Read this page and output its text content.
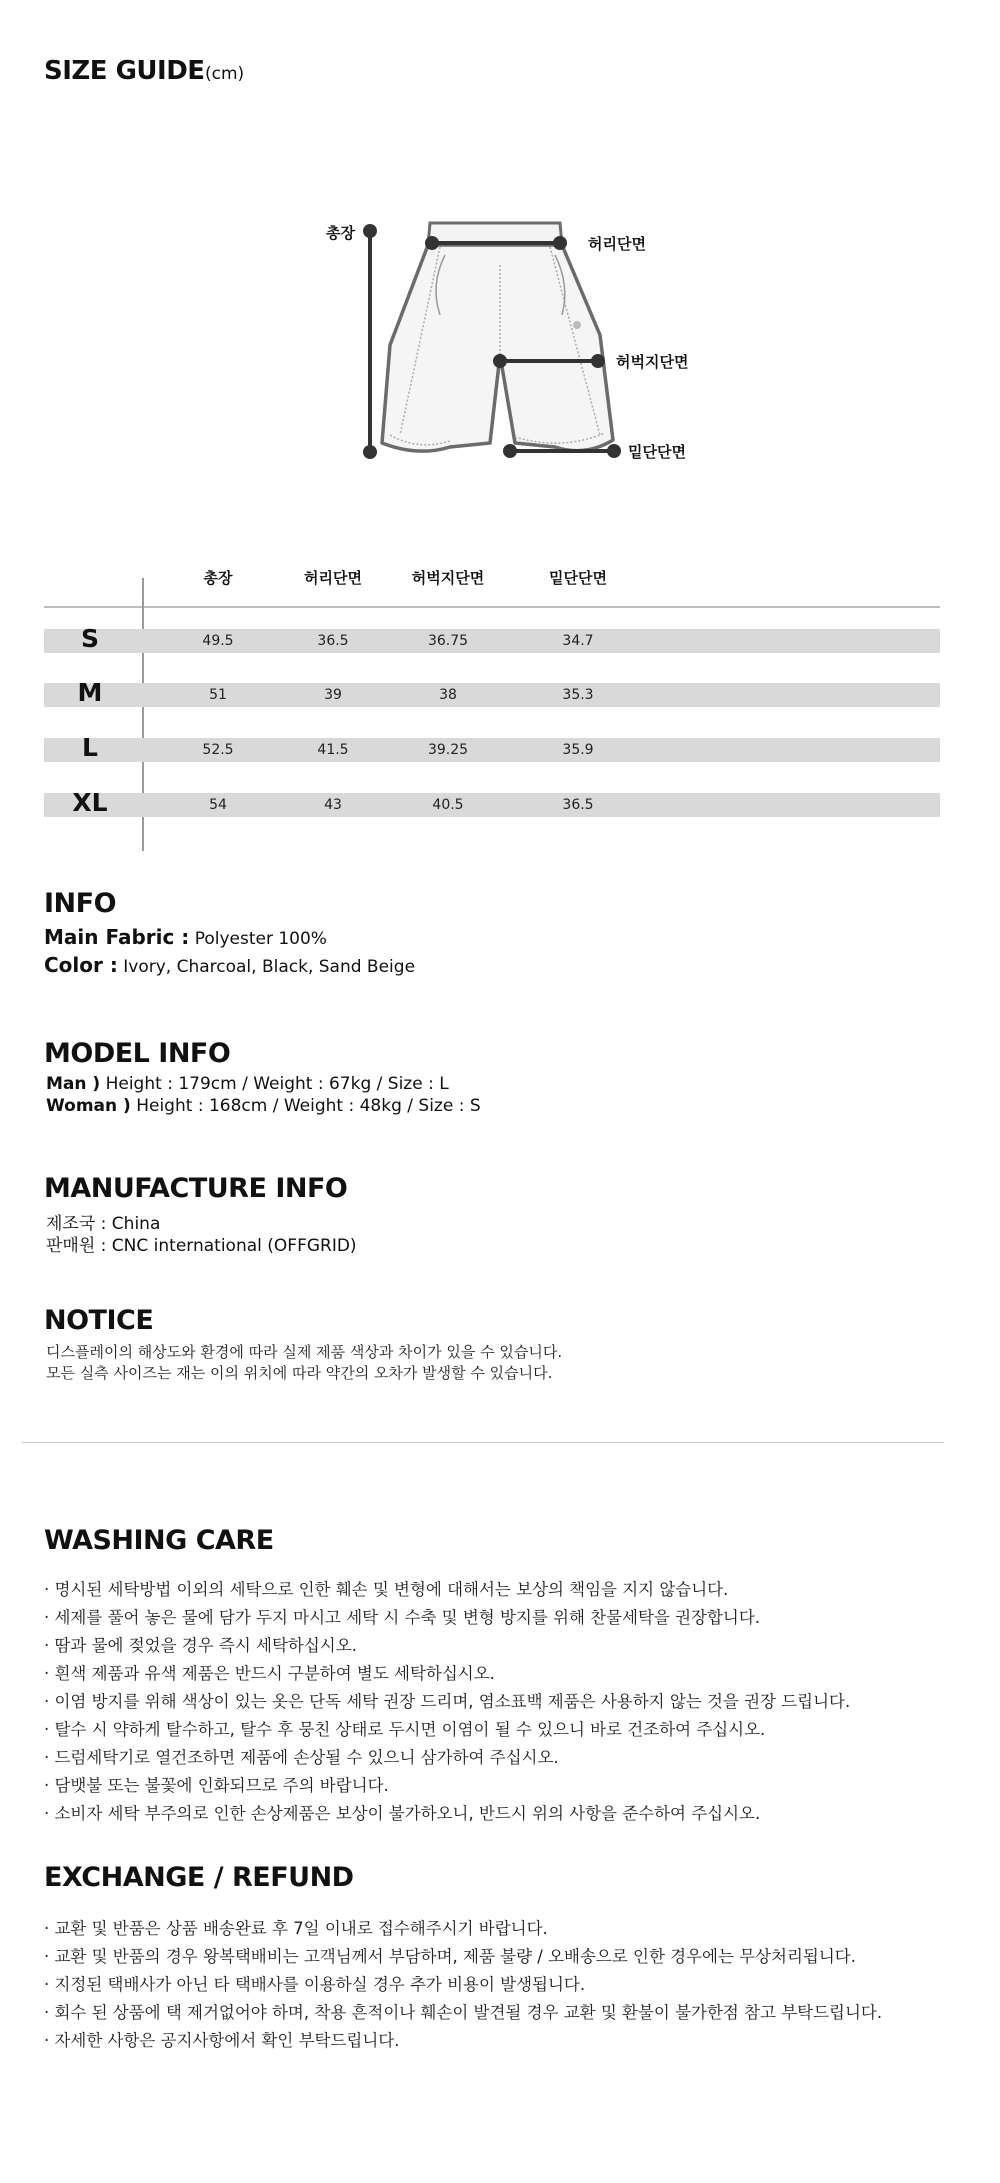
SIZE GUIDE (cm)
총장
허리단면
허벅지단면
밑단단면
총장	허리단면	허벅지단면	밑단단면
S	49.5	36.5	36.75	34.7
M	51	39	38	35.3
L	52.5	41.5	39.25	35.9
XL	54	43	40.5	36.5
INFO
Main Fabric : Polyester 100%
Color : Ivory, Charcoal, Black, Sand Beige
MODEL INFO
Man ) Height : 179cm / Weight : 67kg / Size : L
Woman ) Height : 168cm / Weight : 48kg / Size : S
MANUFACTURE INFO
제조국 : China
판매원 : CNC international (OFFGRID)
NOTICE
디스플레이의 해상도와 환경에 따라 실제 제품 색상과 차이가 있을 수 있습니다.
모든 실측 사이즈는 재는 이의 위치에 따라 약간의 오차가 발생할 수 있습니다.
WASHING CARE
· 명시된 세탁방법 이외의 세탁으로 인한 훼손 및 변형에 대해서는 보상의 책임을 지지 않습니다.
· 세제를 풀어 놓은 물에 담가 두지 마시고 세탁 시 수축 및 변형 방지를 위해 찬물세탁을 권장합니다.
· 땀과 물에 젖었을 경우 즉시 세탁하십시오.
· 흰색 제품과 유색 제품은 반드시 구분하여 별도 세탁하십시오.
· 이염 방지를 위해 색상이 있는 옷은 단독 세탁 권장 드리며, 염소표백 제품은 사용하지 않는 것을 권장 드립니다.
· 탈수 시 약하게 탈수하고, 탈수 후 뭉친 상태로 두시면 이염이 될 수 있으니 바로 건조하여 주십시오.
· 드럼세탁기로 열건조하면 제품에 손상될 수 있으니 삼가하여 주십시오.
· 담뱃불 또는 불꽃에 인화되므로 주의 바랍니다.
· 소비자 세탁 부주의로 인한 손상제품은 보상이 불가하오니, 반드시 위의 사항을 준수하여 주십시오.
EXCHANGE / REFUND
· 교환 및 반품은 상품 배송완료 후 7일 이내로 접수해주시기 바랍니다.
· 교환 및 반품의 경우 왕복택배비는 고객님께서 부담하며, 제품 불량 / 오배송으로 인한 경우에는 무상처리됩니다.
· 지정된 택배사가 아닌 타 택배사를 이용하실 경우 추가 비용이 발생됩니다.
· 회수 된 상품에 택 제거없어야 하며, 착용 흔적이나 훼손이 발견될 경우 교환 및 환불이 불가한점 참고 부탁드립니다.
· 자세한 사항은 공지사항에서 확인 부탁드립니다.
